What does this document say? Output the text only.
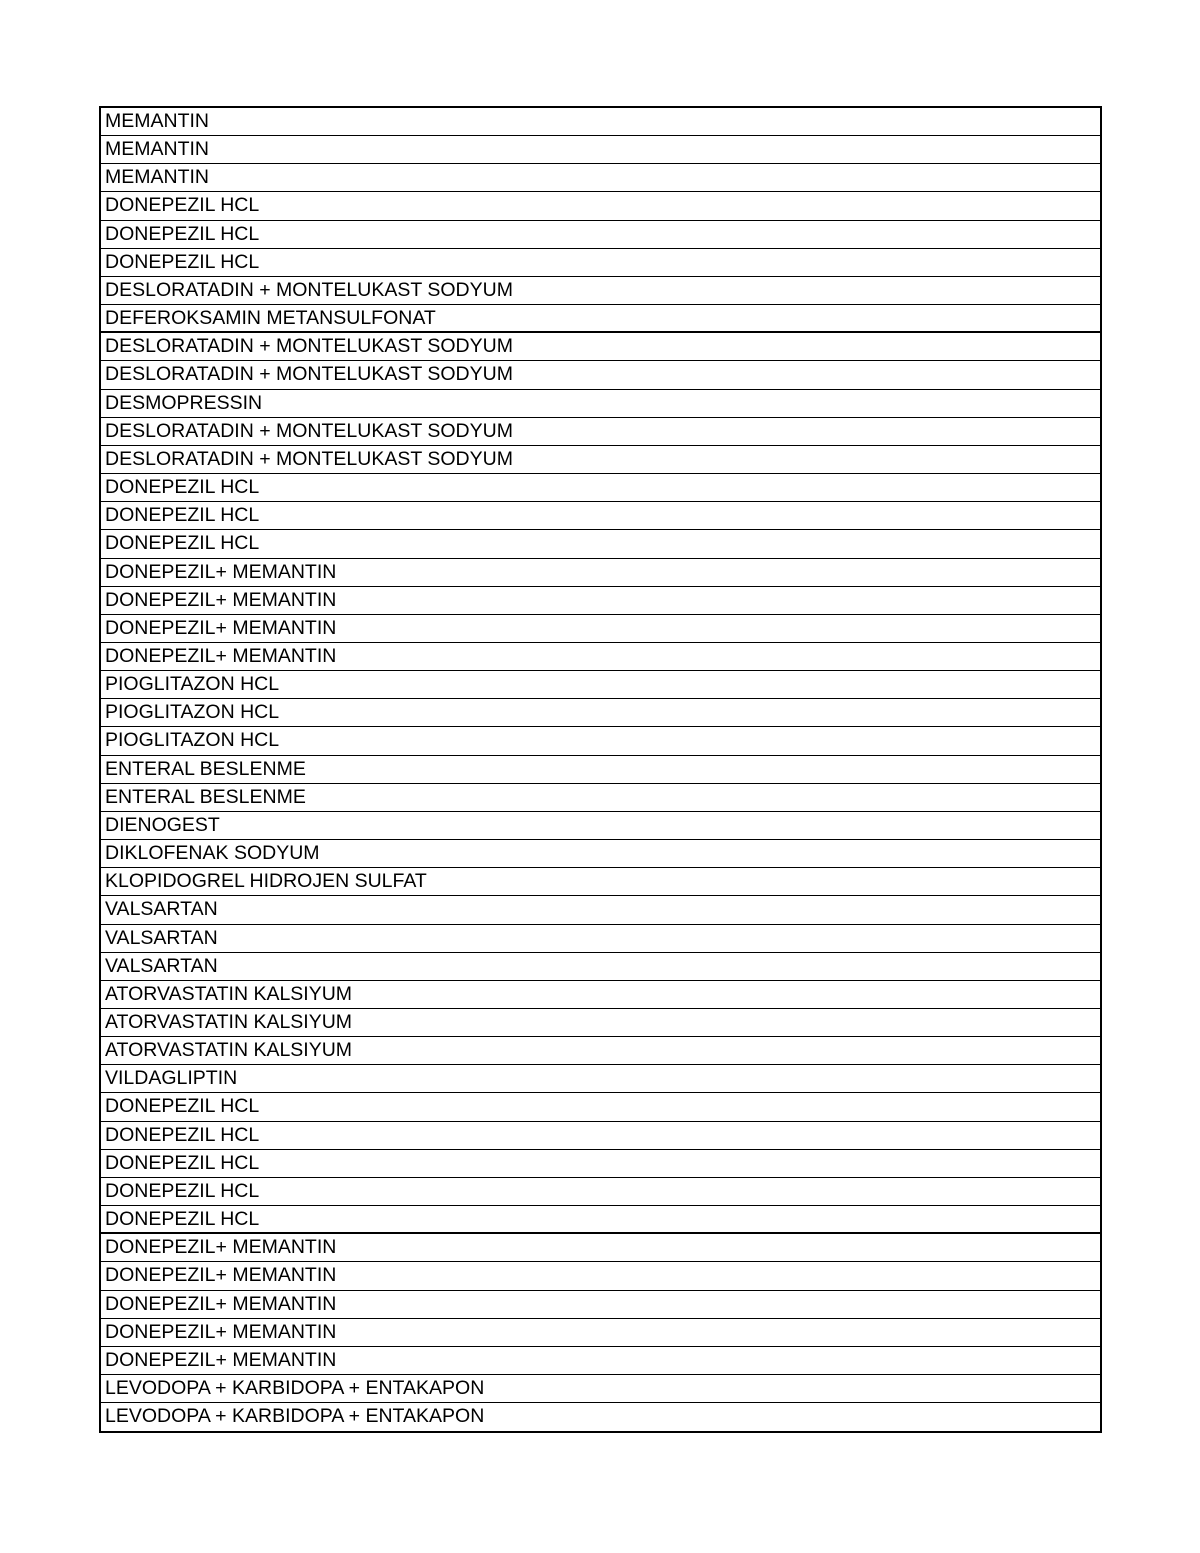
MEMANTIN
MEMANTIN
MEMANTIN
DONEPEZIL HCL
DONEPEZIL HCL
DONEPEZIL HCL
DESLORATADIN + MONTELUKAST SODYUM
DEFEROKSAMIN METANSULFONAT
DESLORATADIN + MONTELUKAST SODYUM
DESLORATADIN + MONTELUKAST SODYUM
DESMOPRESSIN
DESLORATADIN + MONTELUKAST SODYUM
DESLORATADIN + MONTELUKAST SODYUM
DONEPEZIL HCL
DONEPEZIL HCL
DONEPEZIL HCL
DONEPEZIL+ MEMANTIN
DONEPEZIL+ MEMANTIN
DONEPEZIL+ MEMANTIN
DONEPEZIL+ MEMANTIN
PIOGLITAZON HCL
PIOGLITAZON HCL
PIOGLITAZON HCL
ENTERAL BESLENME
ENTERAL BESLENME
DIENOGEST
DIKLOFENAK SODYUM
KLOPIDOGREL HIDROJEN SULFAT
VALSARTAN
VALSARTAN
VALSARTAN
ATORVASTATIN KALSIYUM
ATORVASTATIN KALSIYUM
ATORVASTATIN KALSIYUM
VILDAGLIPTIN
DONEPEZIL HCL
DONEPEZIL HCL
DONEPEZIL HCL
DONEPEZIL HCL
DONEPEZIL HCL
DONEPEZIL+ MEMANTIN
DONEPEZIL+ MEMANTIN
DONEPEZIL+ MEMANTIN
DONEPEZIL+ MEMANTIN
DONEPEZIL+ MEMANTIN
LEVODOPA + KARBIDOPA + ENTAKAPON
LEVODOPA + KARBIDOPA + ENTAKAPON
